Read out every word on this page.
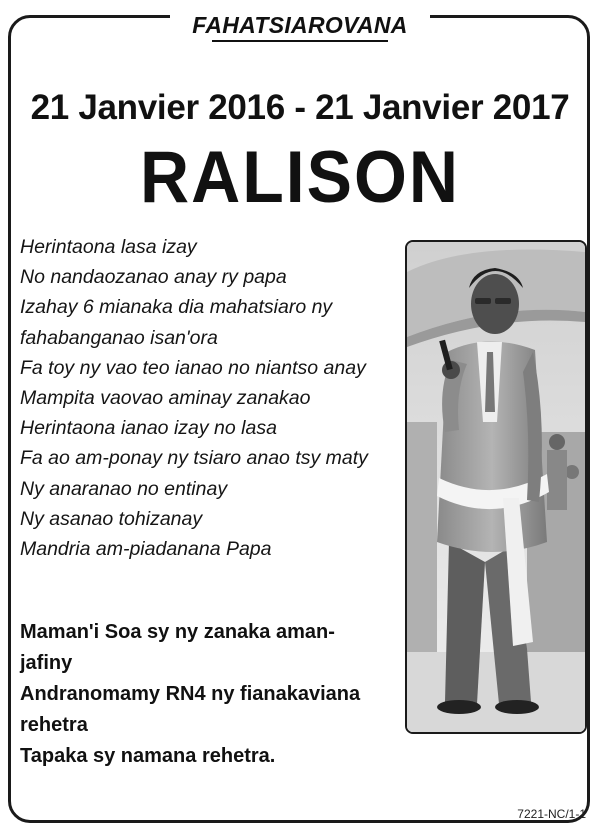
FAHATSIAROVANA
21 Janvier 2016 - 21 Janvier 2017
RALISON
Herintaona lasa izay
No nandaozanao anay ry papa
Izahay 6 mianaka dia mahatsiaro ny
fahabanganao isan'ora
Fa toy ny vao teo ianao no niantso anay
Mampita vaovao aminay zanakao
Herintaona ianao izay no lasa
Fa ao am-ponay ny tsiaro anao tsy maty
Ny anaranao no entinay
Ny asanao tohizanay
Mandria am-piadanana Papa
Maman'i Soa sy ny zanaka aman-
jafiny
Andranomamy RN4 ny fianakaviana
rehetra
Tapaka sy namana rehetra.
7221-NC/1-1
